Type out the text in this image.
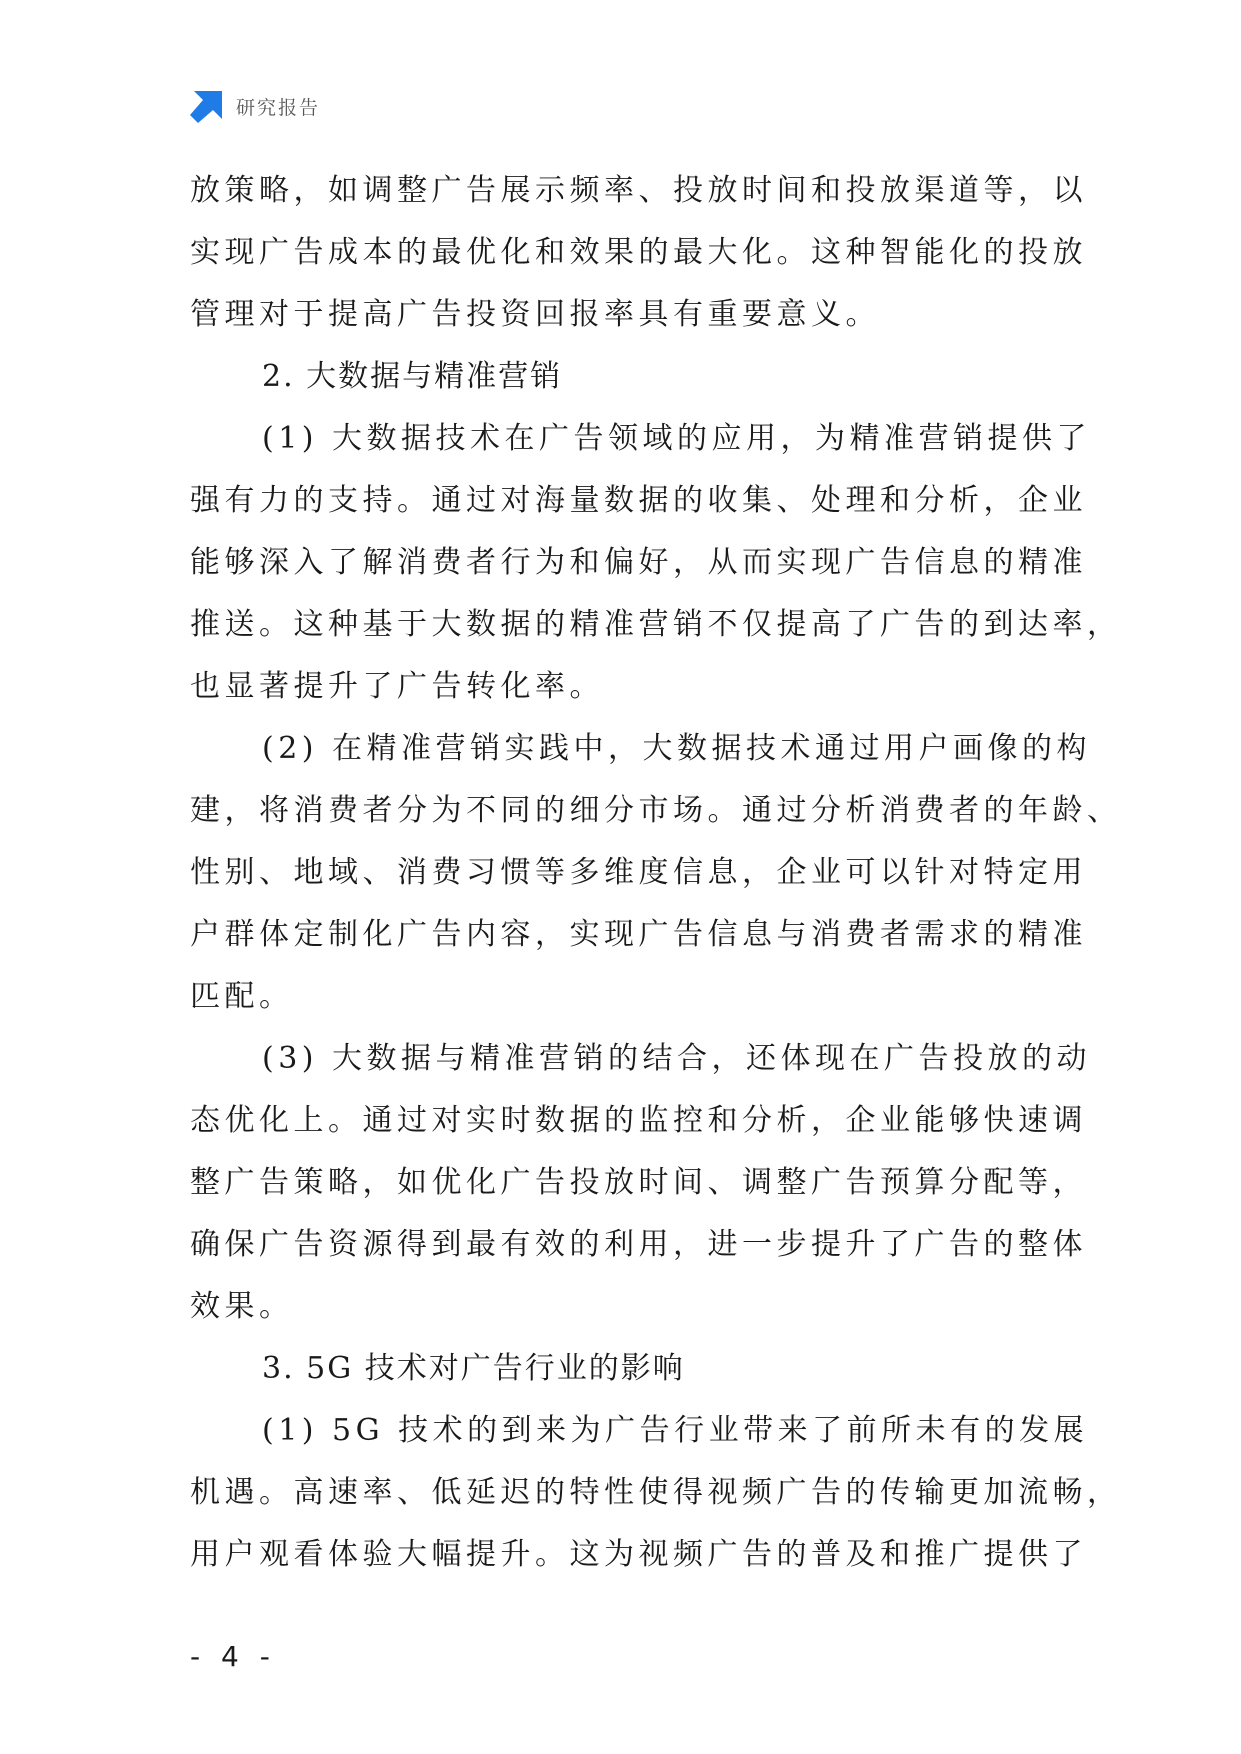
研究报告
放策略，如调整广告展示频率、投放时间和投放渠道等，以
实现广告成本的最优化和效果的最大化。这种智能化的投放
管理对于提高广告投资回报率具有重要意义。
2. 大数据与精准营销
(1) 大数据技术在广告领域的应用，为精准营销提供了
强有力的支持。通过对海量数据的收集、处理和分析，企业
能够深入了解消费者行为和偏好，从而实现广告信息的精准
推送。这种基于大数据的精准营销不仅提高了广告的到达率，
也显著提升了广告转化率。
(2) 在精准营销实践中，大数据技术通过用户画像的构
建，将消费者分为不同的细分市场。通过分析消费者的年龄、
性别、地域、消费习惯等多维度信息，企业可以针对特定用
户群体定制化广告内容，实现广告信息与消费者需求的精准
匹配。
(3) 大数据与精准营销的结合，还体现在广告投放的动
态优化上。通过对实时数据的监控和分析，企业能够快速调
整广告策略，如优化广告投放时间、调整广告预算分配等，
确保广告资源得到最有效的利用，进一步提升了广告的整体
效果。
3. 5G 技术对广告行业的影响
(1) 5G 技术的到来为广告行业带来了前所未有的发展
机遇。高速率、低延迟的特性使得视频广告的传输更加流畅，
用户观看体验大幅提升。这为视频广告的普及和推广提供了
- 4 -
